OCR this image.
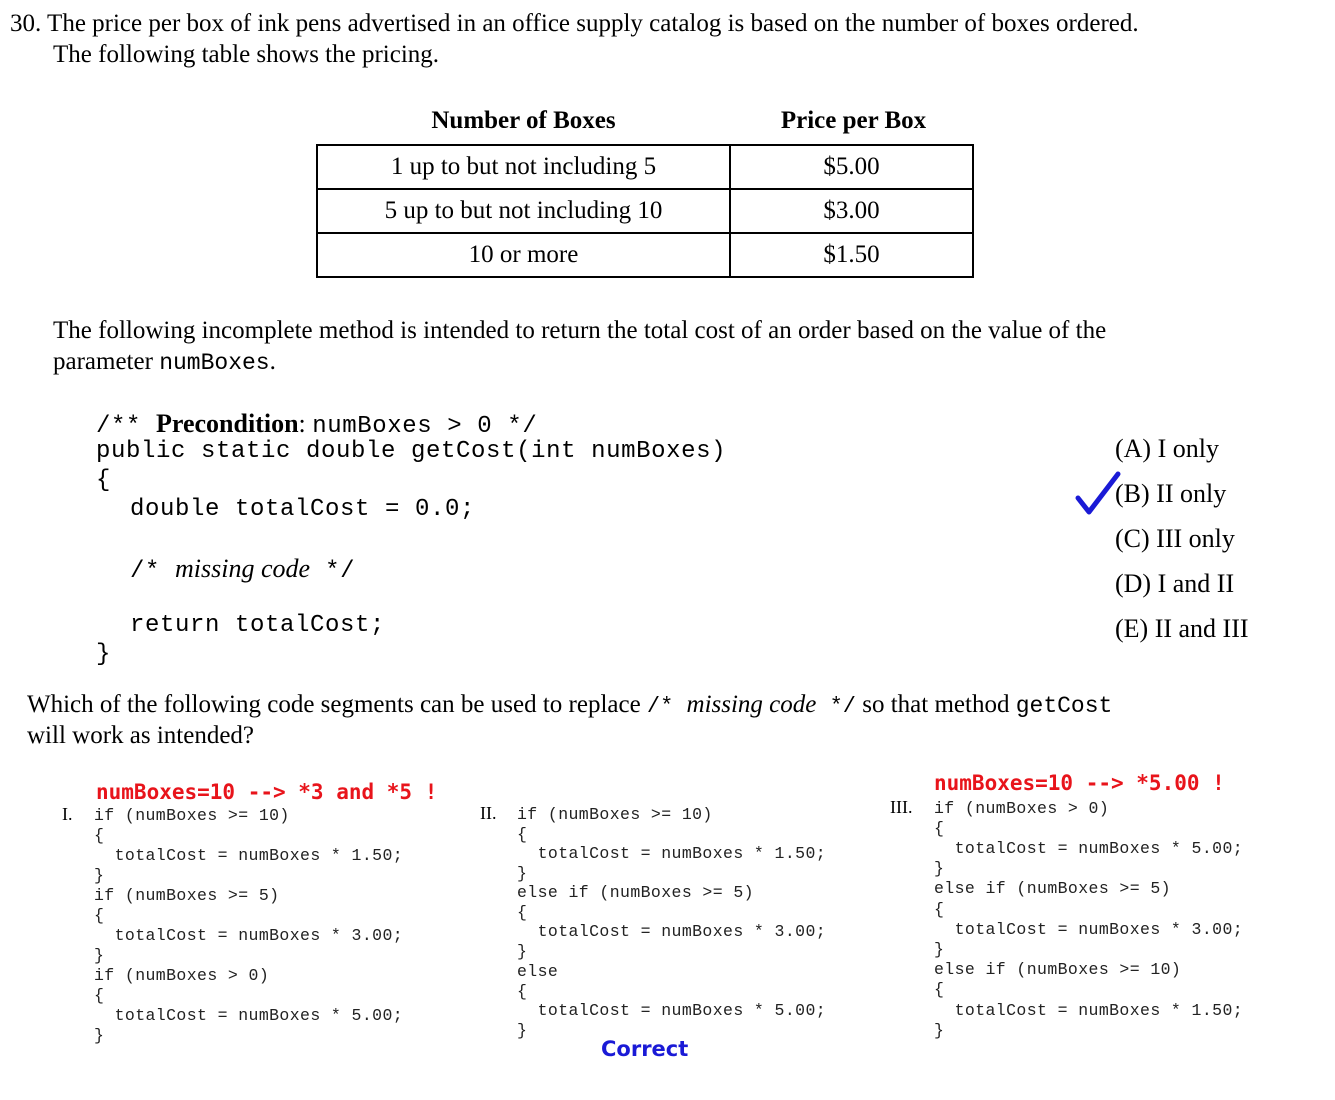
30. The price per box of ink pens advertised in an office supply catalog is based on the number of boxes ordered.
The following table shows the pricing.
Number of Boxes	Price per Box
1 up to but not including 5	$5.00
5 up to but not including 10	$3.00
10 or more	$1.50
The following incomplete method is intended to return the total cost of an order based on the value of the
parameter numBoxes.
/** Precondition: numBoxes > 0 */
public static double getCost(int numBoxes)
{
double totalCost = 0.0;
/* missing code */
return totalCost;
}
(A) I only
(B) II only
(C) III only
(D) I and II
(E) II and III
Which of the following code segments can be used to replace /* missing code */ so that method getCost
will work as intended?
numBoxes=10 --> *3 and *5 !
I.

if (numBoxes >= 10)

{

totalCost = numBoxes * 1.50;

}

if (numBoxes >= 5)

{

totalCost = numBoxes * 3.00;

}

if (numBoxes > 0)

{

totalCost = numBoxes * 5.00;

}

II.

if (numBoxes >= 10)

{

totalCost = numBoxes * 1.50;

}

else if (numBoxes >= 5)

{

totalCost = numBoxes * 3.00;

}

else

{

totalCost = numBoxes * 5.00;

}

Correct
numBoxes=10 --> *5.00 !
III.

if (numBoxes > 0)

{

totalCost = numBoxes * 5.00;

}

else if (numBoxes >= 5)

{

totalCost = numBoxes * 3.00;

}

else if (numBoxes >= 10)

{

totalCost = numBoxes * 1.50;

}
